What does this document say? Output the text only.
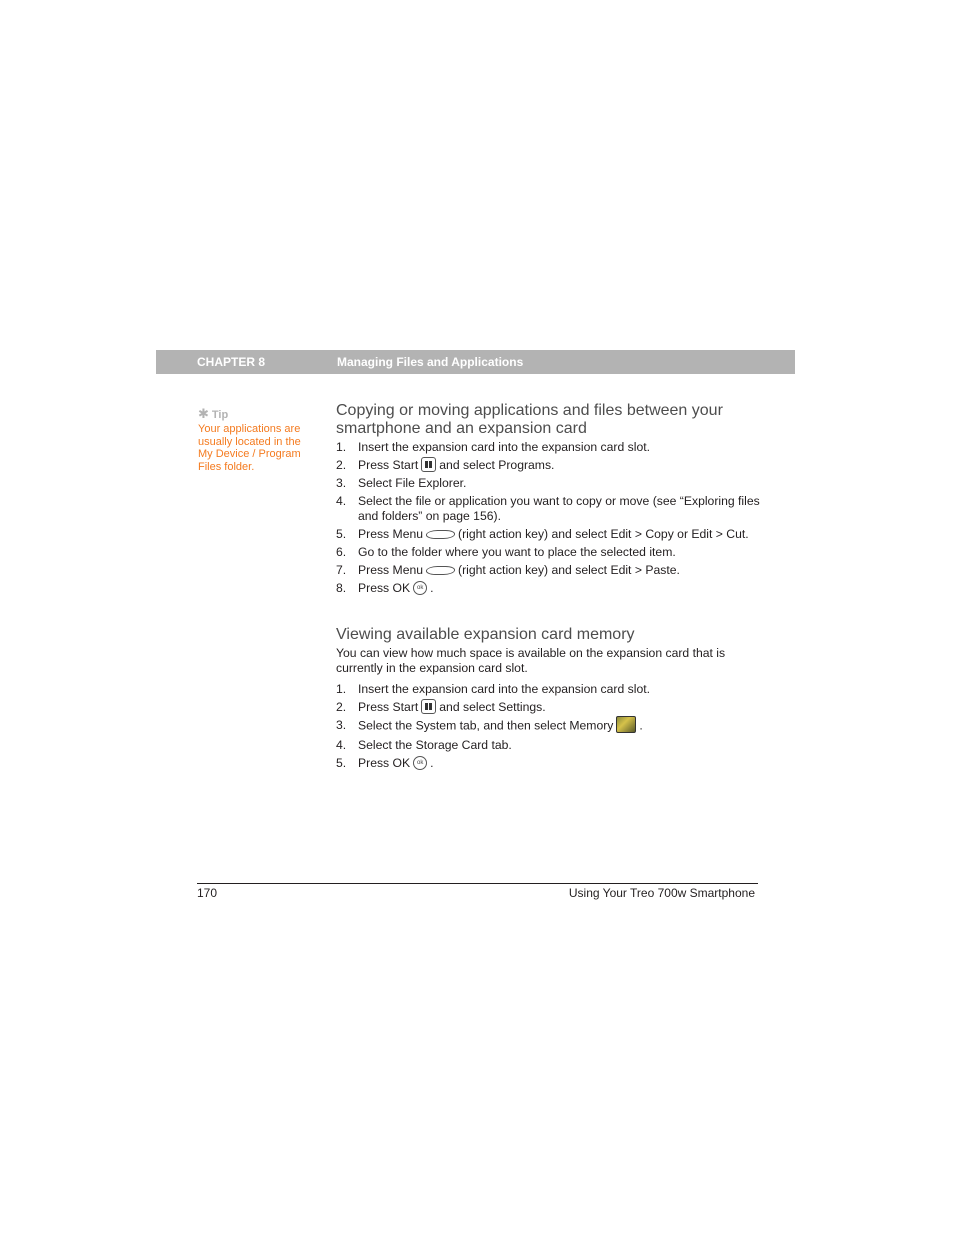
CHAPTER 8	Managing Files and Applications
✱ Tip
Your applications are usually located in the My Device / Program Files folder.
Copying or moving applications and files between your smartphone and an expansion card
1. Insert the expansion card into the expansion card slot.
2. Press Start and select Programs.
3. Select File Explorer.
4. Select the file or application you want to copy or move (see “Exploring files and folders” on page 156).
5. Press Menu	(right action key) and select Edit > Copy or Edit > Cut.
6. Go to the folder where you want to place the selected item.
7. Press Menu	(right action key) and select Edit > Paste.
8. Press OK ok .
Viewing available expansion card memory

You can view how much space is available on the expansion card that is currently in the expansion card slot.

1. Insert the expansion card into the expansion card slot.
2. Press Start and select Settings.
3. Select the System tab, and then select Memory .
4. Select the Storage Card tab.
5. Press OK ok .
170	Using Your Treo 700w Smartphone
